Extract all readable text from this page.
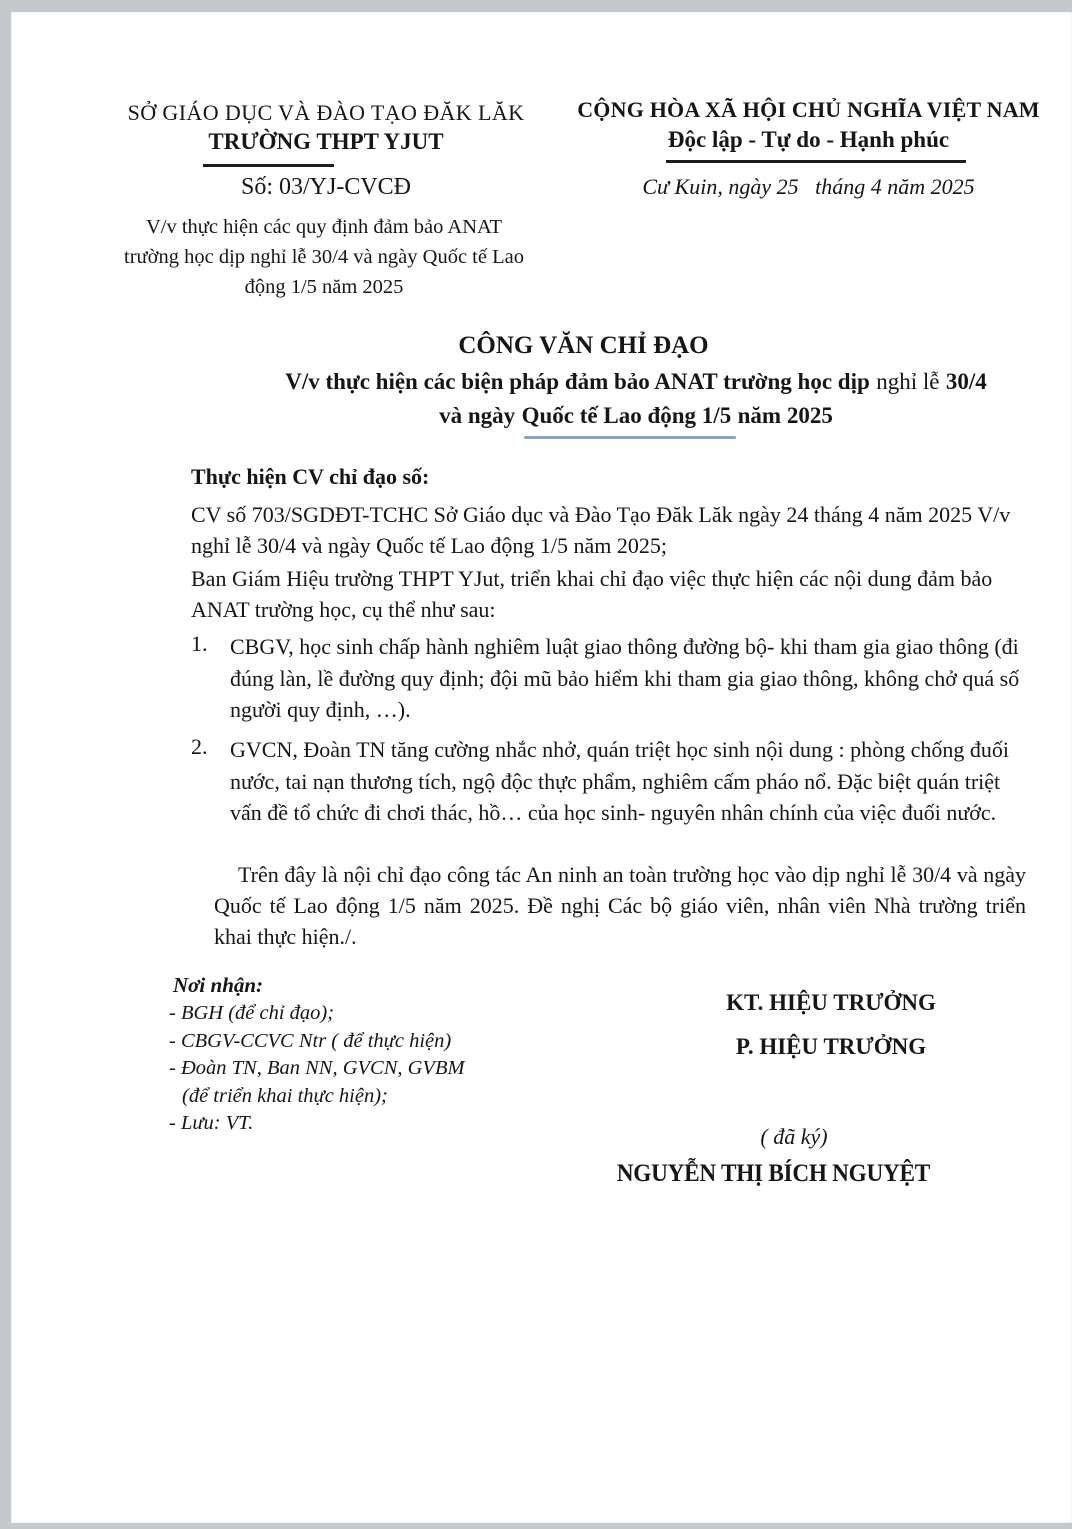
SỞ GIÁO DỤC VÀ ĐÀO TẠO ĐĂK LĂK
TRƯỜNG THPT YJUT
Số: 03/YJ-CVCĐ
V/v thực hiện các quy định đảm bảo ANAT
trường học dịp nghỉ lễ 30/4 và ngày Quốc tế Lao
động 1/5 năm 2025
CỘNG HÒA XÃ HỘI CHỦ NGHĨA VIỆT NAM
Độc lập - Tự do - Hạnh phúc
Cư Kuin, ngày 25   tháng 4 năm 2025
CÔNG VĂN CHỈ ĐẠO
V/v thực hiện các biện pháp đảm bảo ANAT trường học dịp nghỉ lễ 30/4
và ngày Quốc tế Lao động 1/5 năm 2025
Thực hiện CV chỉ đạo số:
CV số 703/SGDĐT-TCHC Sở Giáo dục và Đào Tạo Đăk Lăk ngày 24 tháng 4 năm 2025 V/v nghỉ lễ 30/4 và ngày Quốc tế Lao động 1/5 năm 2025;
Ban Giám Hiệu trường THPT YJut, triển khai chỉ đạo việc thực hiện các nội dung đảm bảo ANAT trường học, cụ thể như sau:
1. CBGV, học sinh chấp hành nghiêm luật giao thông đường bộ- khi tham gia giao thông (đi đúng làn, lề đường quy định; đội mũ bảo hiểm khi tham gia giao thông, không chở quá số người quy định, …).
2. GVCN, Đoàn TN tăng cường nhắc nhở, quán triệt học sinh nội dung : phòng chống đuối nước, tai nạn thương tích, ngộ độc thực phẩm, nghiêm cấm pháo nổ. Đặc biệt quán triệt vấn đề tổ chức đi chơi thác, hồ… của học sinh- nguyên nhân chính của việc đuối nước.
Trên đây là nội chỉ đạo công tác An ninh an toàn trường học vào dịp nghỉ lễ 30/4 và ngày Quốc tế Lao động 1/5 năm 2025. Đề nghị Các bộ giáo viên, nhân viên Nhà trường triển khai thực hiện./.
Nơi nhận:
- BGH (để chỉ đạo);
- CBGV-CCVC Ntr ( để thực hiện)
- Đoàn TN, Ban NN, GVCN, GVBM
(để triển khai thực hiện);
- Lưu: VT.
KT. HIỆU TRƯỞNG
P. HIỆU TRƯỞNG
( đã ký)
NGUYỄN THỊ BÍCH NGUYỆT
